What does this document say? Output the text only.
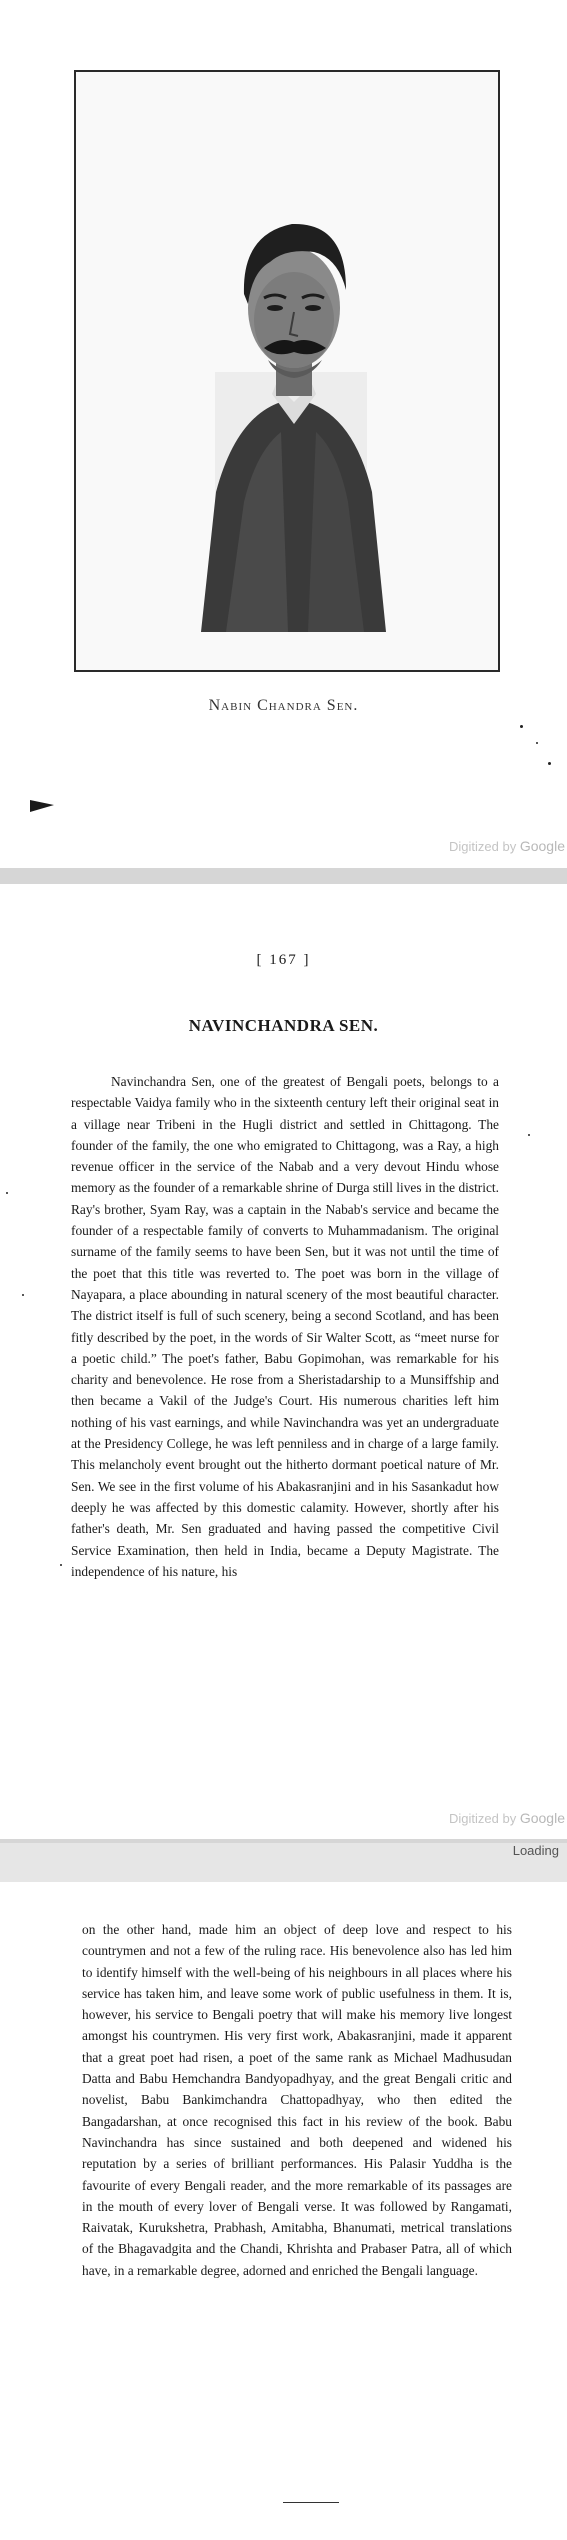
Nabin Chandra Sen.
Digitized by Google
[ 167 ]
NAVINCHANDRA SEN.

Navinchandra Sen, one of the greatest of Bengali poets, belongs to a respectable Vaidya family who in the sixteenth century left their original seat in a village near Tribeni in the Hugli district and settled in Chittagong. The founder of the family, the one who emigrated to Chittagong, was a Ray, a high revenue officer in the service of the Nabab and a very devout Hindu whose memory as the founder of a remarkable shrine of Durga still lives in the district. Ray's brother, Syam Ray, was a captain in the Nabab's service and became the founder of a respectable family of converts to Muhammadanism. The original surname of the family seems to have been Sen, but it was not until the time of the poet that this title was reverted to. The poet was born in the village of Nayapara, a place abounding in natural scenery of the most beautiful character. The district itself is full of such scenery, being a second Scotland, and has been fitly described by the poet, in the words of Sir Walter Scott, as “meet nurse for a poetic child.” The poet's father, Babu Gopimohan, was remarkable for his charity and benevolence. He rose from a Sheristadarship to a Munsiffship and then became a Vakil of the Judge's Court. His numerous charities left him nothing of his vast earnings, and while Navinchandra was yet an undergraduate at the Presidency College, he was left penniless and in charge of a large family. This melancholy event brought out the hitherto dormant poetical nature of Mr. Sen. We see in the first volume of his Abakasranjini and in his Sasankadut how deeply he was affected by this domestic calamity. However, shortly after his father's death, Mr. Sen graduated and having passed the competitive Civil Service Examination, then held in India, became a Deputy Magistrate. The independence of his nature, his

Digitized by Google
Loading

on the other hand, made him an object of deep love and respect to his countrymen and not a few of the ruling race. His benevolence also has led him to identify himself with the well-being of his neighbours in all places where his service has taken him, and leave some work of public usefulness in them. It is, however, his service to Bengali poetry that will make his memory live longest amongst his countrymen. His very first work, Abakasranjini, made it apparent that a great poet had risen, a poet of the same rank as Michael Madhusudan Datta and Babu Hemchandra Bandyopadhyay, and the great Bengali critic and novelist, Babu Bankimchandra Chattopadhyay, who then edited the Bangadarshan, at once recognised this fact in his review of the book. Babu Navinchandra has since sustained and both deepened and widened his reputation by a series of brilliant performances. His Palasir Yuddha is the favourite of every Bengali reader, and the more remarkable of its passages are in the mouth of every lover of Bengali verse. It was followed by Rangamati, Raivatak, Kurukshetra, Prabhash, Amitabha, Bhanumati, metrical translations of the Bhagavadgita and the Chandi, Khrishta and Prabaser Patra, all of which have, in a remarkable degree, adorned and enriched the Bengali language.
